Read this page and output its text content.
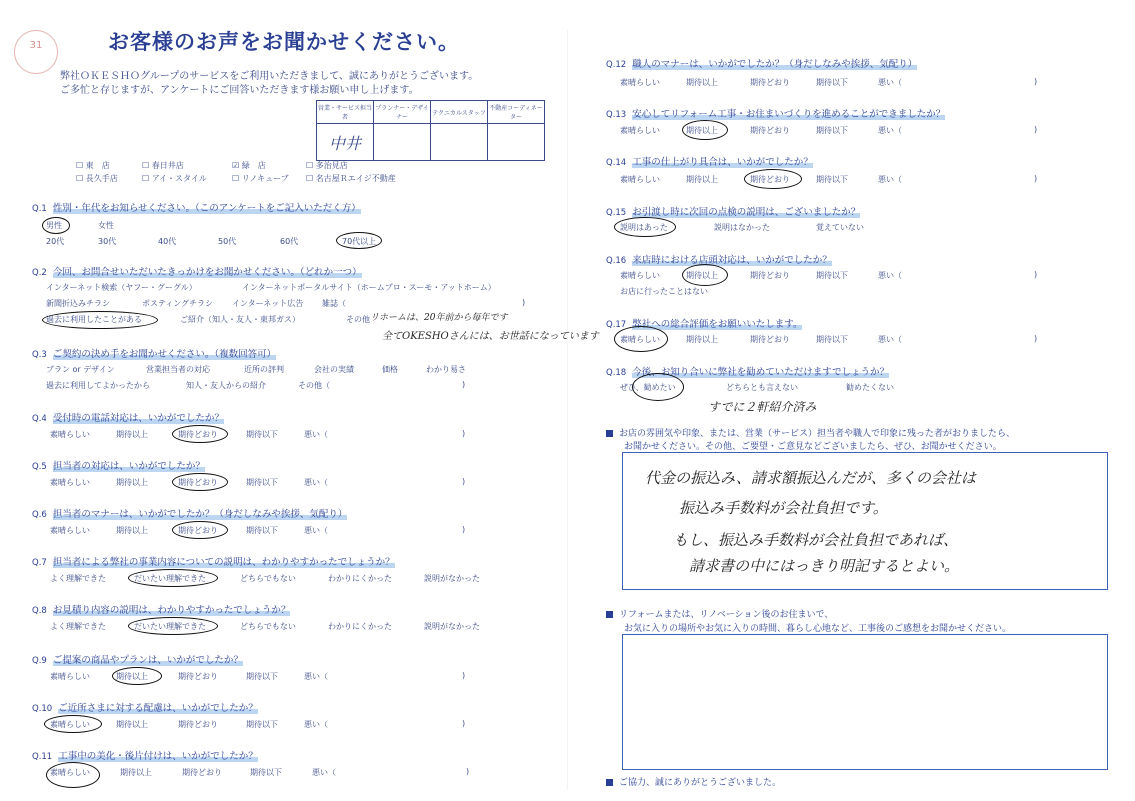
31	お客様のお声をお聞かせください。
弊社ＯＫＥＳＨＯグループのサービスをご利用いただきまして、誠にありがとうございます。
ご多忙と存じますが、アンケートにご回答いただきます様お願い申し上げます。
営業・サービス担当者	プランナー・デザイナー	テクニカルスタッフ	不動産コーディネーター
中井			
☐ 東　店	☐ 春日井店	☑ 緑　店	☐ 多治見店
☐ 長久手店	☐ アイ・スタイル	☐ リノキューブ ☐ 名古屋Ｒエイジ不動産
Q.1 性別・年代をお知らせください。（このアンケートをご記入いただく方）
男性	女性
20代	30代	40代	50代	60代	70代以上
Q.2 今回、お問合せいただいたきっかけをお聞かせください。（どれか一つ）
インターネット検索（ヤフー・グーグル）	インターネットポータルサイト（ホームプロ・スーモ・アットホーム）
新聞折込みチラシ	ポスティングチラシ インターネット広告 雑誌（	)
過去に利用したことがある	ご紹介（知人・友人・東邦ガス）	その他 リホームは、20年前から毎年です
全てOKESHOさんには、お世話になっています
Q.3 ご契約の決め手をお聞かせください。（複数回答可）
プラン or デザイン	営業担当者の対応	近所の評判	会社の実績	価格	わかり易さ
過去に利用してよかったから	知人・友人からの紹介	その他（	)
Q.4 受付時の電話対応は、いかがでしたか？
素晴らしい	期待以上	期待どおり	期待以下	悪い（	)
Q.5 担当者の対応は、いかがでしたか？
素晴らしい	期待以上	期待どおり	期待以下	悪い（	)
Q.6 担当者のマナーは、いかがでしたか？（身だしなみや挨拶、気配り）
素晴らしい	期待以上	期待どおり	期待以下	悪い（	)
Q.7 担当者による弊社の事業内容についての説明は、わかりやすかったでしょうか？
よく理解できた	だいたい理解できた	どちらでもない	わかりにくかった	説明がなかった
Q.8 お見積り内容の説明は、わかりやすかったでしょうか？
よく理解できた	だいたい理解できた	どちらでもない	わかりにくかった	説明がなかった
Q.9 ご提案の商品やプランは、いかがでしたか？
素晴らしい	期待以上	期待どおり	期待以下	悪い（	)
Q.10 ご近所さまに対する配慮は、いかがでしたか？
素晴らしい	期待以上	期待どおり	期待以下	悪い（	)
Q.11 工事中の美化・後片付けは、いかがでしたか？
素晴らしい	期待以上	期待どおり	期待以下	悪い（	)
Q.12 職人のマナーは、いかがでしたか？（身だしなみや挨拶、気配り）
素晴らしい	期待以上	期待どおり	期待以下	悪い（	)
Q.13 安心してリフォーム工事・お住まいづくりを進めることができましたか？
素晴らしい	期待以上	期待どおり	期待以下	悪い（	)
Q.14 工事の仕上がり具合は、いかがでしたか？
素晴らしい	期待以上	期待どおり	期待以下	悪い（	)
Q.15 お引渡し時に次回の点検の説明は、ございましたか？
説明はあった	説明はなかった	覚えていない
Q.16 来店時における店頭対応は、いかがでしたか？
素晴らしい	期待以上	期待どおり	期待以下	悪い（	)
お店に行ったことはない
Q.17 弊社への総合評価をお願いいたします。
素晴らしい	期待以上	期待どおり	期待以下	悪い（	)
Q.18 今後、お知り合いに弊社を勧めていただけますでしょうか？
ぜひ、勧めたい	どちらとも言えない	勧めたくない
すでに２軒紹介済み
お店の雰囲気や印象、または、営業（サービス）担当者や職人で印象に残った者がおりましたら、
お聞かせください。その他、ご要望・ご意見などございましたら、ぜひ、お聞かせください。
代金の振込み、請求額振込んだが、多くの会社は
振込み手数料が会社負担です。
もし、振込み手数料が会社負担であれば、
請求書の中にはっきり明記するとよい。
リフォームまたは、リノベーション後のお住まいで、
お気に入りの場所やお気に入りの時間、暮らし心地など、工事後のご感想をお聞かせください。
ご協力、誠にありがとうございました。
